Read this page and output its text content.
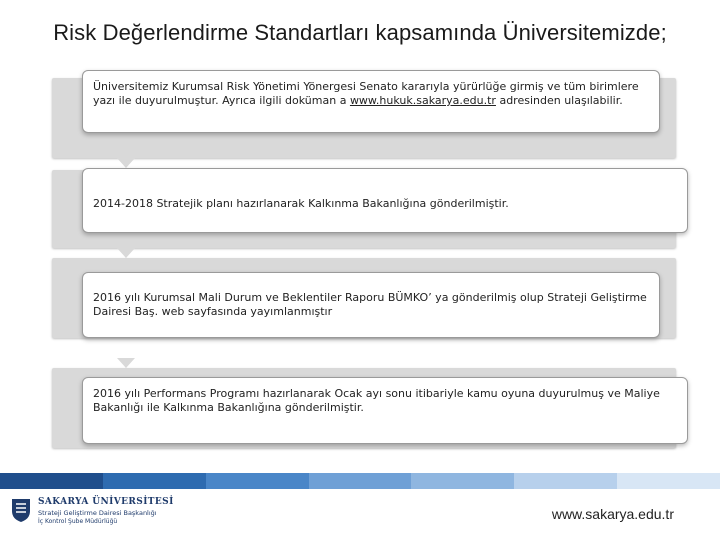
Risk Değerlendirme Standartları kapsamında Üniversitemizde;
Üniversitemiz Kurumsal Risk Yönetimi Yönergesi Senato kararıyla yürürlüğe girmiş ve tüm birimlere yazı ile duyurulmuştur. Ayrıca ilgili doküman a www.hukuk.sakarya.edu.tr adresinden ulaşılabilir.
2014-2018 Stratejik planı hazırlanarak Kalkınma Bakanlığına gönderilmiştir.
2016 yılı Kurumsal Mali Durum ve Beklentiler Raporu BÜMKO’ ya gönderilmiş olup Strateji Geliştirme Dairesi Baş. web sayfasında yayımlanmıştır
2016 yılı Performans Programı hazırlanarak Ocak ayı sonu itibariyle kamu oyuna duyurulmuş ve Maliye Bakanlığı ile Kalkınma Bakanlığına gönderilmiştir.
SAKARYA ÜNİVERSİTESİ
Strateji Geliştirme Dairesi Başkanlığı
İç Kontrol Şube Müdürlüğü	www.sakarya.edu.tr
